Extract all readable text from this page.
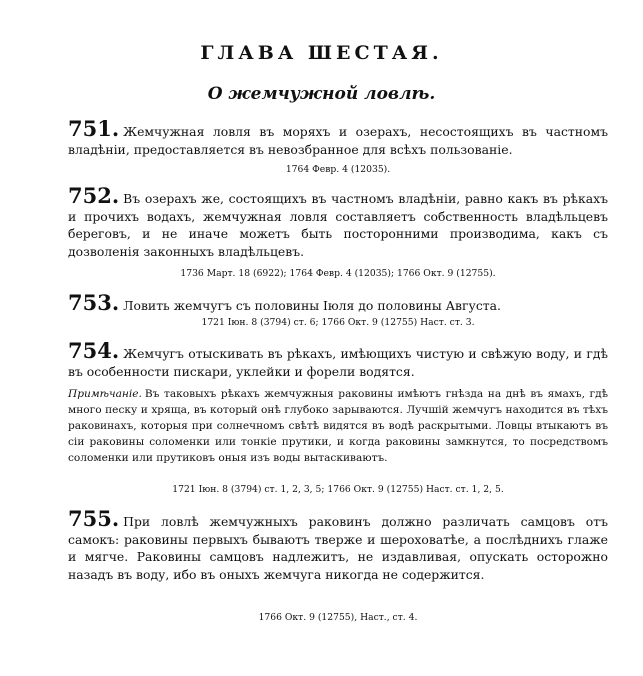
ГЛАВА ШЕСТАЯ.
О жемчужной ловлѣ.
751. Жемчужная ловля въ моряхъ и озерахъ, несостоящихъ въ частномъ владѣніи, предоставляется въ невозбранное для всѣхъ пользованіе.
1764 Февр. 4 (12035).
752. Въ озерахъ же, состоящихъ въ частномъ владѣніи, равно какъ въ рѣкахъ и прочихъ водахъ, жемчужная ловля составляетъ собственность владѣльцевъ береговъ, и не иначе можетъ быть посторонними производима, какъ съ дозволенія законныхъ владѣльцевъ.
1736 Март. 18 (6922); 1764 Февр. 4 (12035); 1766 Окт. 9 (12755).
753. Ловить жемчугъ съ половины Іюля до половины Августа.
1721 Іюн. 8 (3794) ст. 6; 1766 Окт. 9 (12755) Наст. ст. 3.
754. Жемчугъ отыскивать въ рѣкахъ, имѣющихъ чистую и свѣжую воду, и гдѣ въ особенности пискари, уклейки и форели водятся.
Примѣчаніе. Въ таковыхъ рѣкахъ жемчужныя раковины имѣютъ гнѣзда на днѣ въ ямахъ, гдѣ много песку и хряща, въ который онѣ глубоко зарываются. Лучшій жемчугъ находится въ тѣхъ раковинахъ, которыя при солнечномъ свѣтѣ видятся въ водѣ раскрытыми. Ловцы втыкаютъ въ сіи раковины соломенки или тонкіе прутики, и когда раковины замкнутся, то посредствомъ соломенки или прутиковъ оныя изъ воды вытаскиваютъ.
1721 Іюн. 8 (3794) ст. 1, 2, 3, 5; 1766 Окт. 9 (12755) Наст. ст. 1, 2, 5.
755. При ловлѣ жемчужныхъ раковинъ должно различать самцовъ отъ самокъ: раковины первыхъ бываютъ тверже и шероховатѣе, а послѣднихъ глаже и мягче. Раковины самцовъ надлежитъ, не издавливая, опускать осторожно назадъ въ воду, ибо въ оныхъ жемчуга никогда не содержится.
1766 Окт. 9 (12755), Наст., ст. 4.
